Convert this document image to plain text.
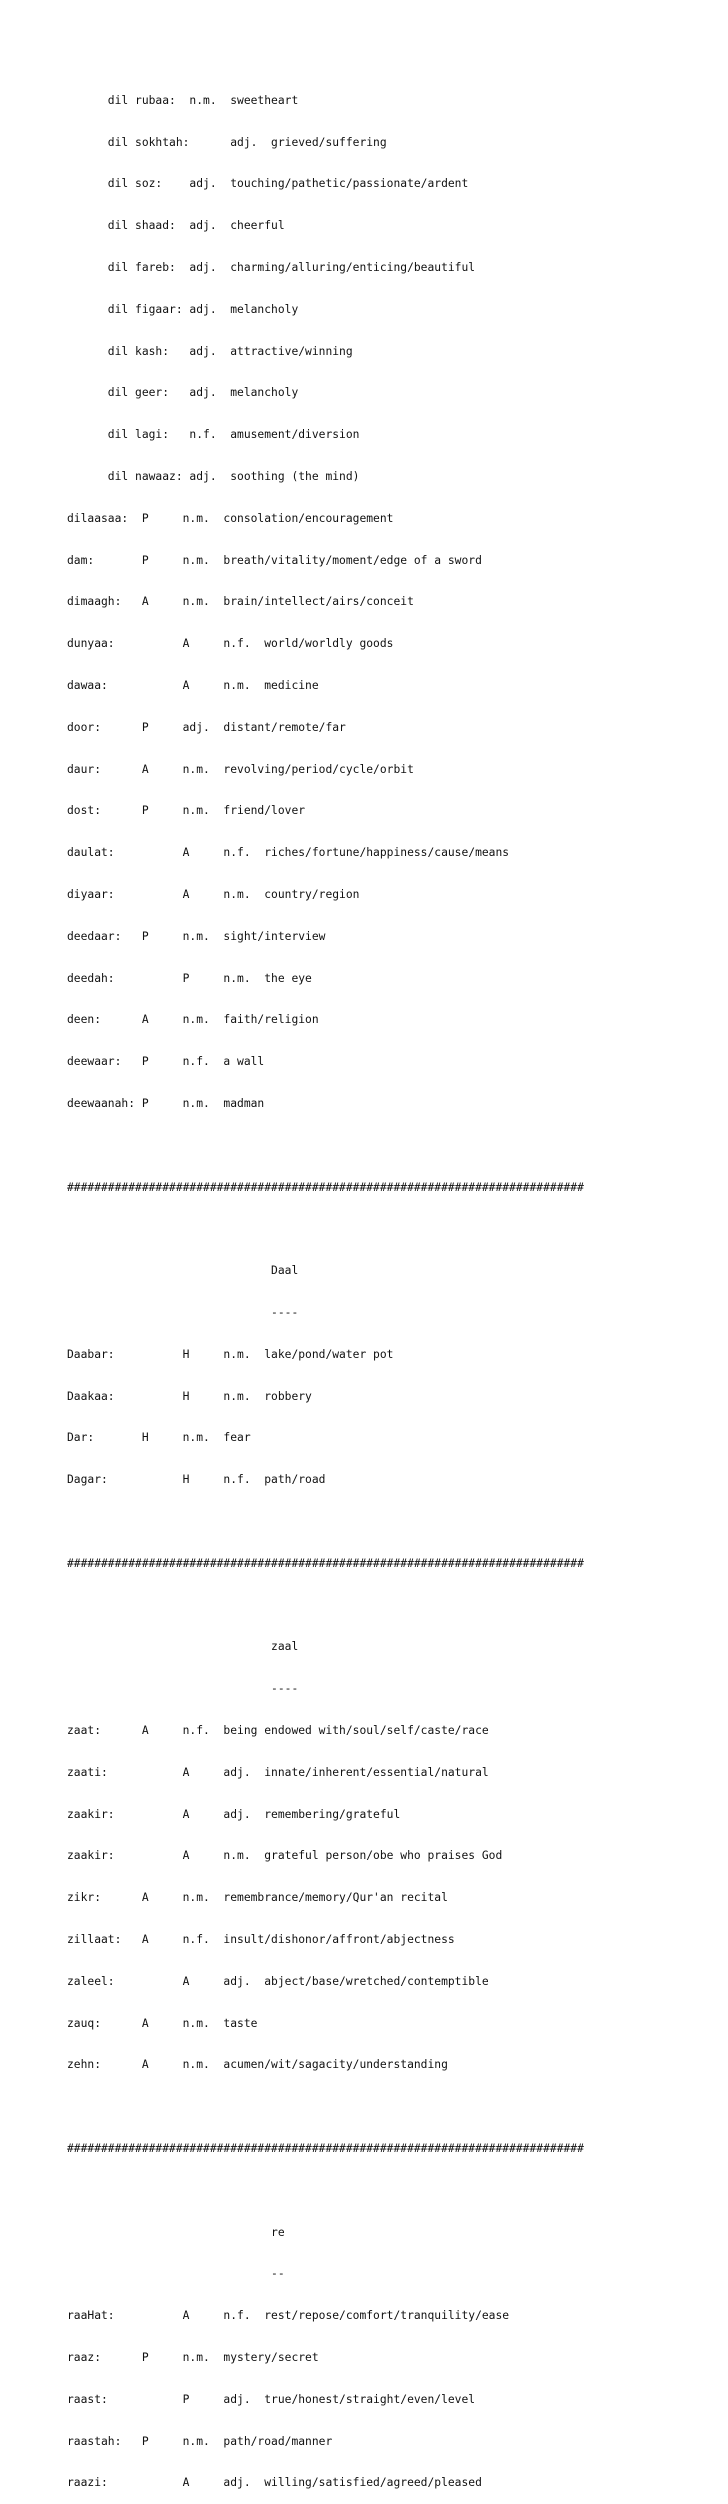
dil rubaa:  n.m.  sweetheart

dil sokhtah:      adj.  grieved/suffering

dil soz:    adj.  touching/pathetic/passionate/ardent

dil shaad:  adj.  cheerful

dil fareb:  adj.  charming/alluring/enticing/beautiful

dil figaar: adj.  melancholy

dil kash:   adj.  attractive/winning

dil geer:   adj.  melancholy

dil lagi:   n.f.  amusement/diversion

dil nawaaz: adj.  soothing (the mind)

dilaasaa:  P     n.m.  consolation/encouragement

dam:       P     n.m.  breath/vitality/moment/edge of a sword

dimaagh:   A     n.m.  brain/intellect/airs/conceit

dunyaa:          A     n.f.  world/worldly goods

dawaa:           A     n.m.  medicine

door:      P     adj.  distant/remote/far

daur:      A     n.m.  revolving/period/cycle/orbit

dost:      P     n.m.  friend/lover

daulat:          A     n.f.  riches/fortune/happiness/cause/means

diyaar:          A     n.m.  country/region

deedaar:   P     n.m.  sight/interview

deedah:          P     n.m.  the eye

deen:      A     n.m.  faith/religion

deewaar:   P     n.f.  a wall

deewaanah: P     n.m.  madman

############################################################################

Daal

----

Daabar:          H     n.m.  lake/pond/water pot

Daakaa:          H     n.m.  robbery

Dar:       H     n.m.  fear

Dagar:           H     n.f.  path/road

############################################################################

zaal

----

zaat:      A     n.f.  being endowed with/soul/self/caste/race

zaati:           A     adj.  innate/inherent/essential/natural

zaakir:          A     adj.  remembering/grateful

zaakir:          A     n.m.  grateful person/obe who praises God

zikr:      A     n.m.  remembrance/memory/Qur'an recital

zillaat:   A     n.f.  insult/dishonor/affront/abjectness

zaleel:          A     adj.  abject/base/wretched/contemptible

zauq:      A     n.m.  taste

zehn:      A     n.m.  acumen/wit/sagacity/understanding

############################################################################

re

--

raaHat:          A     n.f.  rest/repose/comfort/tranquility/ease

raaz:      P     n.m.  mystery/secret

raast:           P     adj.  true/honest/straight/even/level

raastah:   P     n.m.  path/road/manner

raazi:           A     adj.  willing/satisfied/agreed/pleased
